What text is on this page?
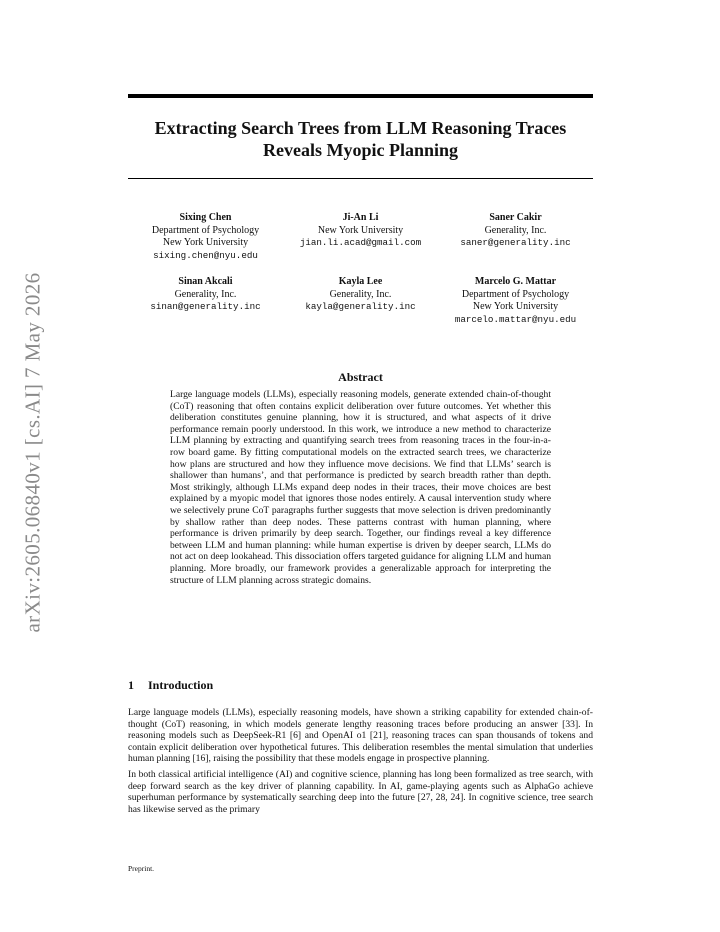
arXiv:2605.06840v1 [cs.AI] 7 May 2026
Extracting Search Trees from LLM Reasoning Traces
Reveals Myopic Planning
Sixing Chen
Department of Psychology
New York University
sixing.chen@nyu.edu
Ji-An Li
New York University
jian.li.acad@gmail.com
Saner Cakir
Generality, Inc.
saner@generality.inc
Sinan Akcali
Generality, Inc.
sinan@generality.inc
Kayla Lee
Generality, Inc.
kayla@generality.inc
Marcelo G. Mattar
Department of Psychology
New York University
marcelo.mattar@nyu.edu
Abstract

Large language models (LLMs), especially reasoning models, generate extended chain-of-thought (CoT) reasoning that often contains explicit deliberation over future outcomes. Yet whether this deliberation constitutes genuine planning, how it is structured, and what aspects of it drive performance remain poorly understood. In this work, we introduce a new method to characterize LLM planning by extracting and quantifying search trees from reasoning traces in the four-in-a-row board game. By fitting computational models on the extracted search trees, we characterize how plans are structured and how they influence move decisions. We find that LLMs’ search is shallower than humans’, and that performance is predicted by search breadth rather than depth. Most strikingly, although LLMs expand deep nodes in their traces, their move choices are best explained by a myopic model that ignores those nodes entirely. A causal intervention study where we selectively prune CoT paragraphs further suggests that move selection is driven predominantly by shallow rather than deep nodes. These patterns contrast with human planning, where performance is driven primarily by deep search. Together, our findings reveal a key difference between LLM and human planning: while human expertise is driven by deeper search, LLMs do not act on deep lookahead. This dissociation offers targeted guidance for aligning LLM and human planning. More broadly, our framework provides a generalizable approach for interpreting the structure of LLM planning across strategic domains.

1 Introduction

Large language models (LLMs), especially reasoning models, have shown a striking capability for extended chain-of-thought (CoT) reasoning, in which models generate lengthy reasoning traces before producing an answer [33]. In reasoning models such as DeepSeek-R1 [6] and OpenAI o1 [21], reasoning traces can span thousands of tokens and contain explicit deliberation over hypothetical futures. This deliberation resembles the mental simulation that underlies human planning [16], raising the possibility that these models engage in prospective planning.

In both classical artificial intelligence (AI) and cognitive science, planning has long been formalized as tree search, with deep forward search as the key driver of planning capability. In AI, game-playing agents such as AlphaGo achieve superhuman performance by systematically searching deep into the future [27, 28, 24]. In cognitive science, tree search has likewise served as the primary

Preprint.
